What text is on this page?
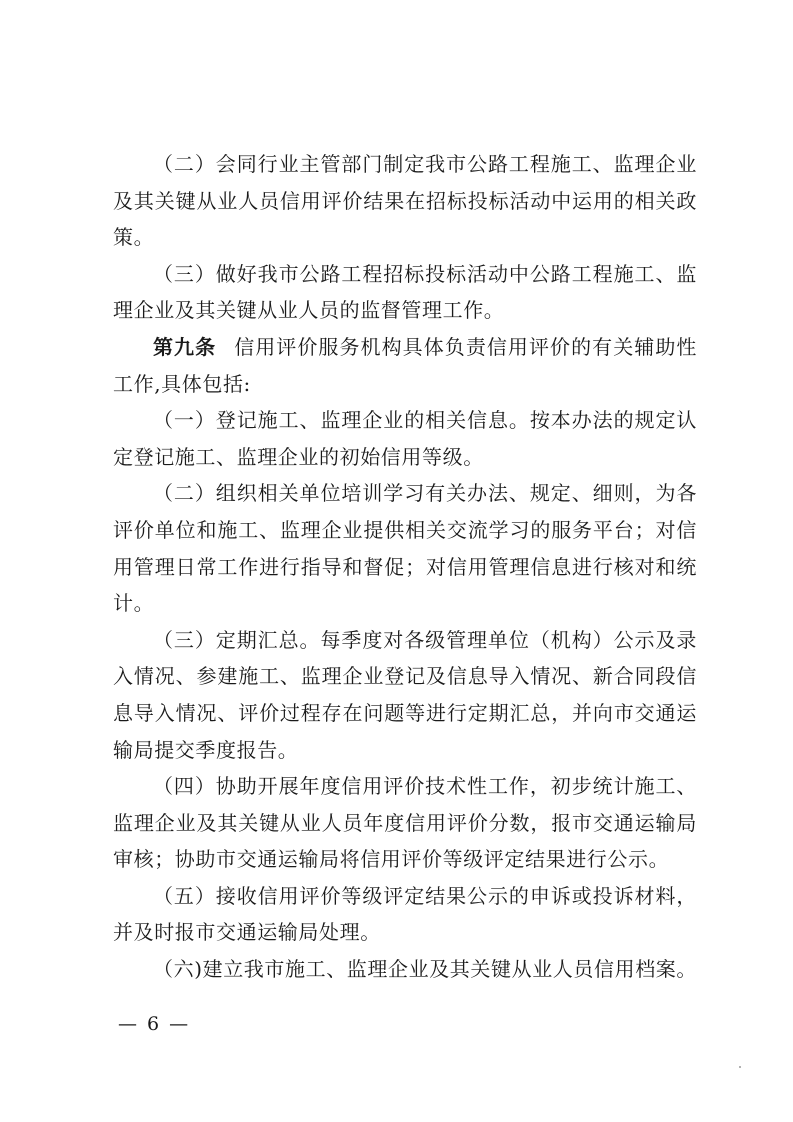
（二）会同行业主管部门制定我市公路工程施工、监理企业及其关键从业人员信用评价结果在招标投标活动中运用的相关政策。

（三）做好我市公路工程招标投标活动中公路工程施工、监理企业及其关键从业人员的监督管理工作。

第九条 信用评价服务机构具体负责信用评价的有关辅助性工作,具体包括:

（一）登记施工、监理企业的相关信息。按本办法的规定认定登记施工、监理企业的初始信用等级。

（二）组织相关单位培训学习有关办法、规定、细则，为各评价单位和施工、监理企业提供相关交流学习的服务平台；对信用管理日常工作进行指导和督促；对信用管理信息进行核对和统计。

（三）定期汇总。每季度对各级管理单位（机构）公示及录入情况、参建施工、监理企业登记及信息导入情况、新合同段信息导入情况、评价过程存在问题等进行定期汇总，并向市交通运输局提交季度报告。

（四）协助开展年度信用评价技术性工作，初步统计施工、监理企业及其关键从业人员年度信用评价分数，报市交通运输局审核；协助市交通运输局将信用评价等级评定结果进行公示。

（五）接收信用评价等级评定结果公示的申诉或投诉材料，并及时报市交通运输局处理。

（六)建立我市施工、监理企业及其关键从业人员信用档案。

— 6 —
